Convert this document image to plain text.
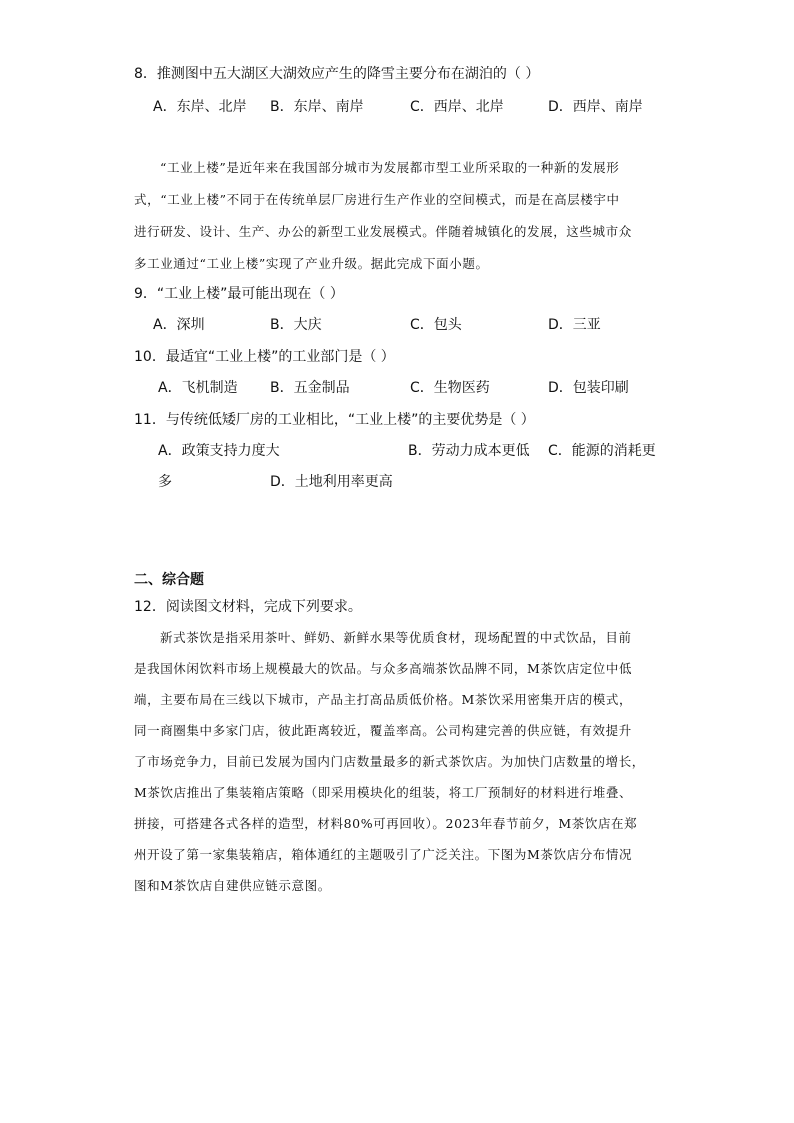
8．推测图中五大湖区大湖效应产生的降雪主要分布在湖泊的（ ）
A．东岸、北岸 B．东岸、南岸	C．西岸、北岸	D．西岸、南岸
“工业上楼”是近年来在我国部分城市为发展都市型工业所采取的一种新的发展形
式，“工业上楼”不同于在传统单层厂房进行生产作业的空间模式，而是在高层楼宇中
进行研发、设计、生产、办公的新型工业发展模式。伴随着城镇化的发展，这些城市众
多工业通过“工业上楼”实现了产业升级。据此完成下面小题。
9．“工业上楼”最可能出现在（ ）
A．深圳	B．大庆	C．包头	D．三亚
10．最适宜“工业上楼”的工业部门是（ ）
A．飞机制造 B．五金制品	C．生物医药	D．包装印刷
11．与传统低矮厂房的工业相比，“工业上楼”的主要优势是（ ）
A．政策支持力度大	B．劳动力成本更低 C．能源的消耗更
多	D．土地利用率更高
二、综合题
12．阅读图文材料，完成下列要求。
新式茶饮是指采用茶叶、鲜奶、新鲜水果等优质食材，现场配置的中式饮品，目前
是我国休闲饮料市场上规模最大的饮品。与众多高端茶饮品牌不同，M茶饮店定位中低
端，主要布局在三线以下城市，产品主打高品质低价格。M茶饮采用密集开店的模式，
同一商圈集中多家门店，彼此距离较近，覆盖率高。公司构建完善的供应链，有效提升
了市场竞争力，目前已发展为国内门店数量最多的新式茶饮店。为加快门店数量的增长，
M茶饮店推出了集装箱店策略（即采用模块化的组装，将工厂预制好的材料进行堆叠、
拼接，可搭建各式各样的造型，材料80%可再回收）。2023年春节前夕，M茶饮店在郑
州开设了第一家集装箱店，箱体通红的主题吸引了广泛关注。下图为M茶饮店分布情况
图和M茶饮店自建供应链示意图。
